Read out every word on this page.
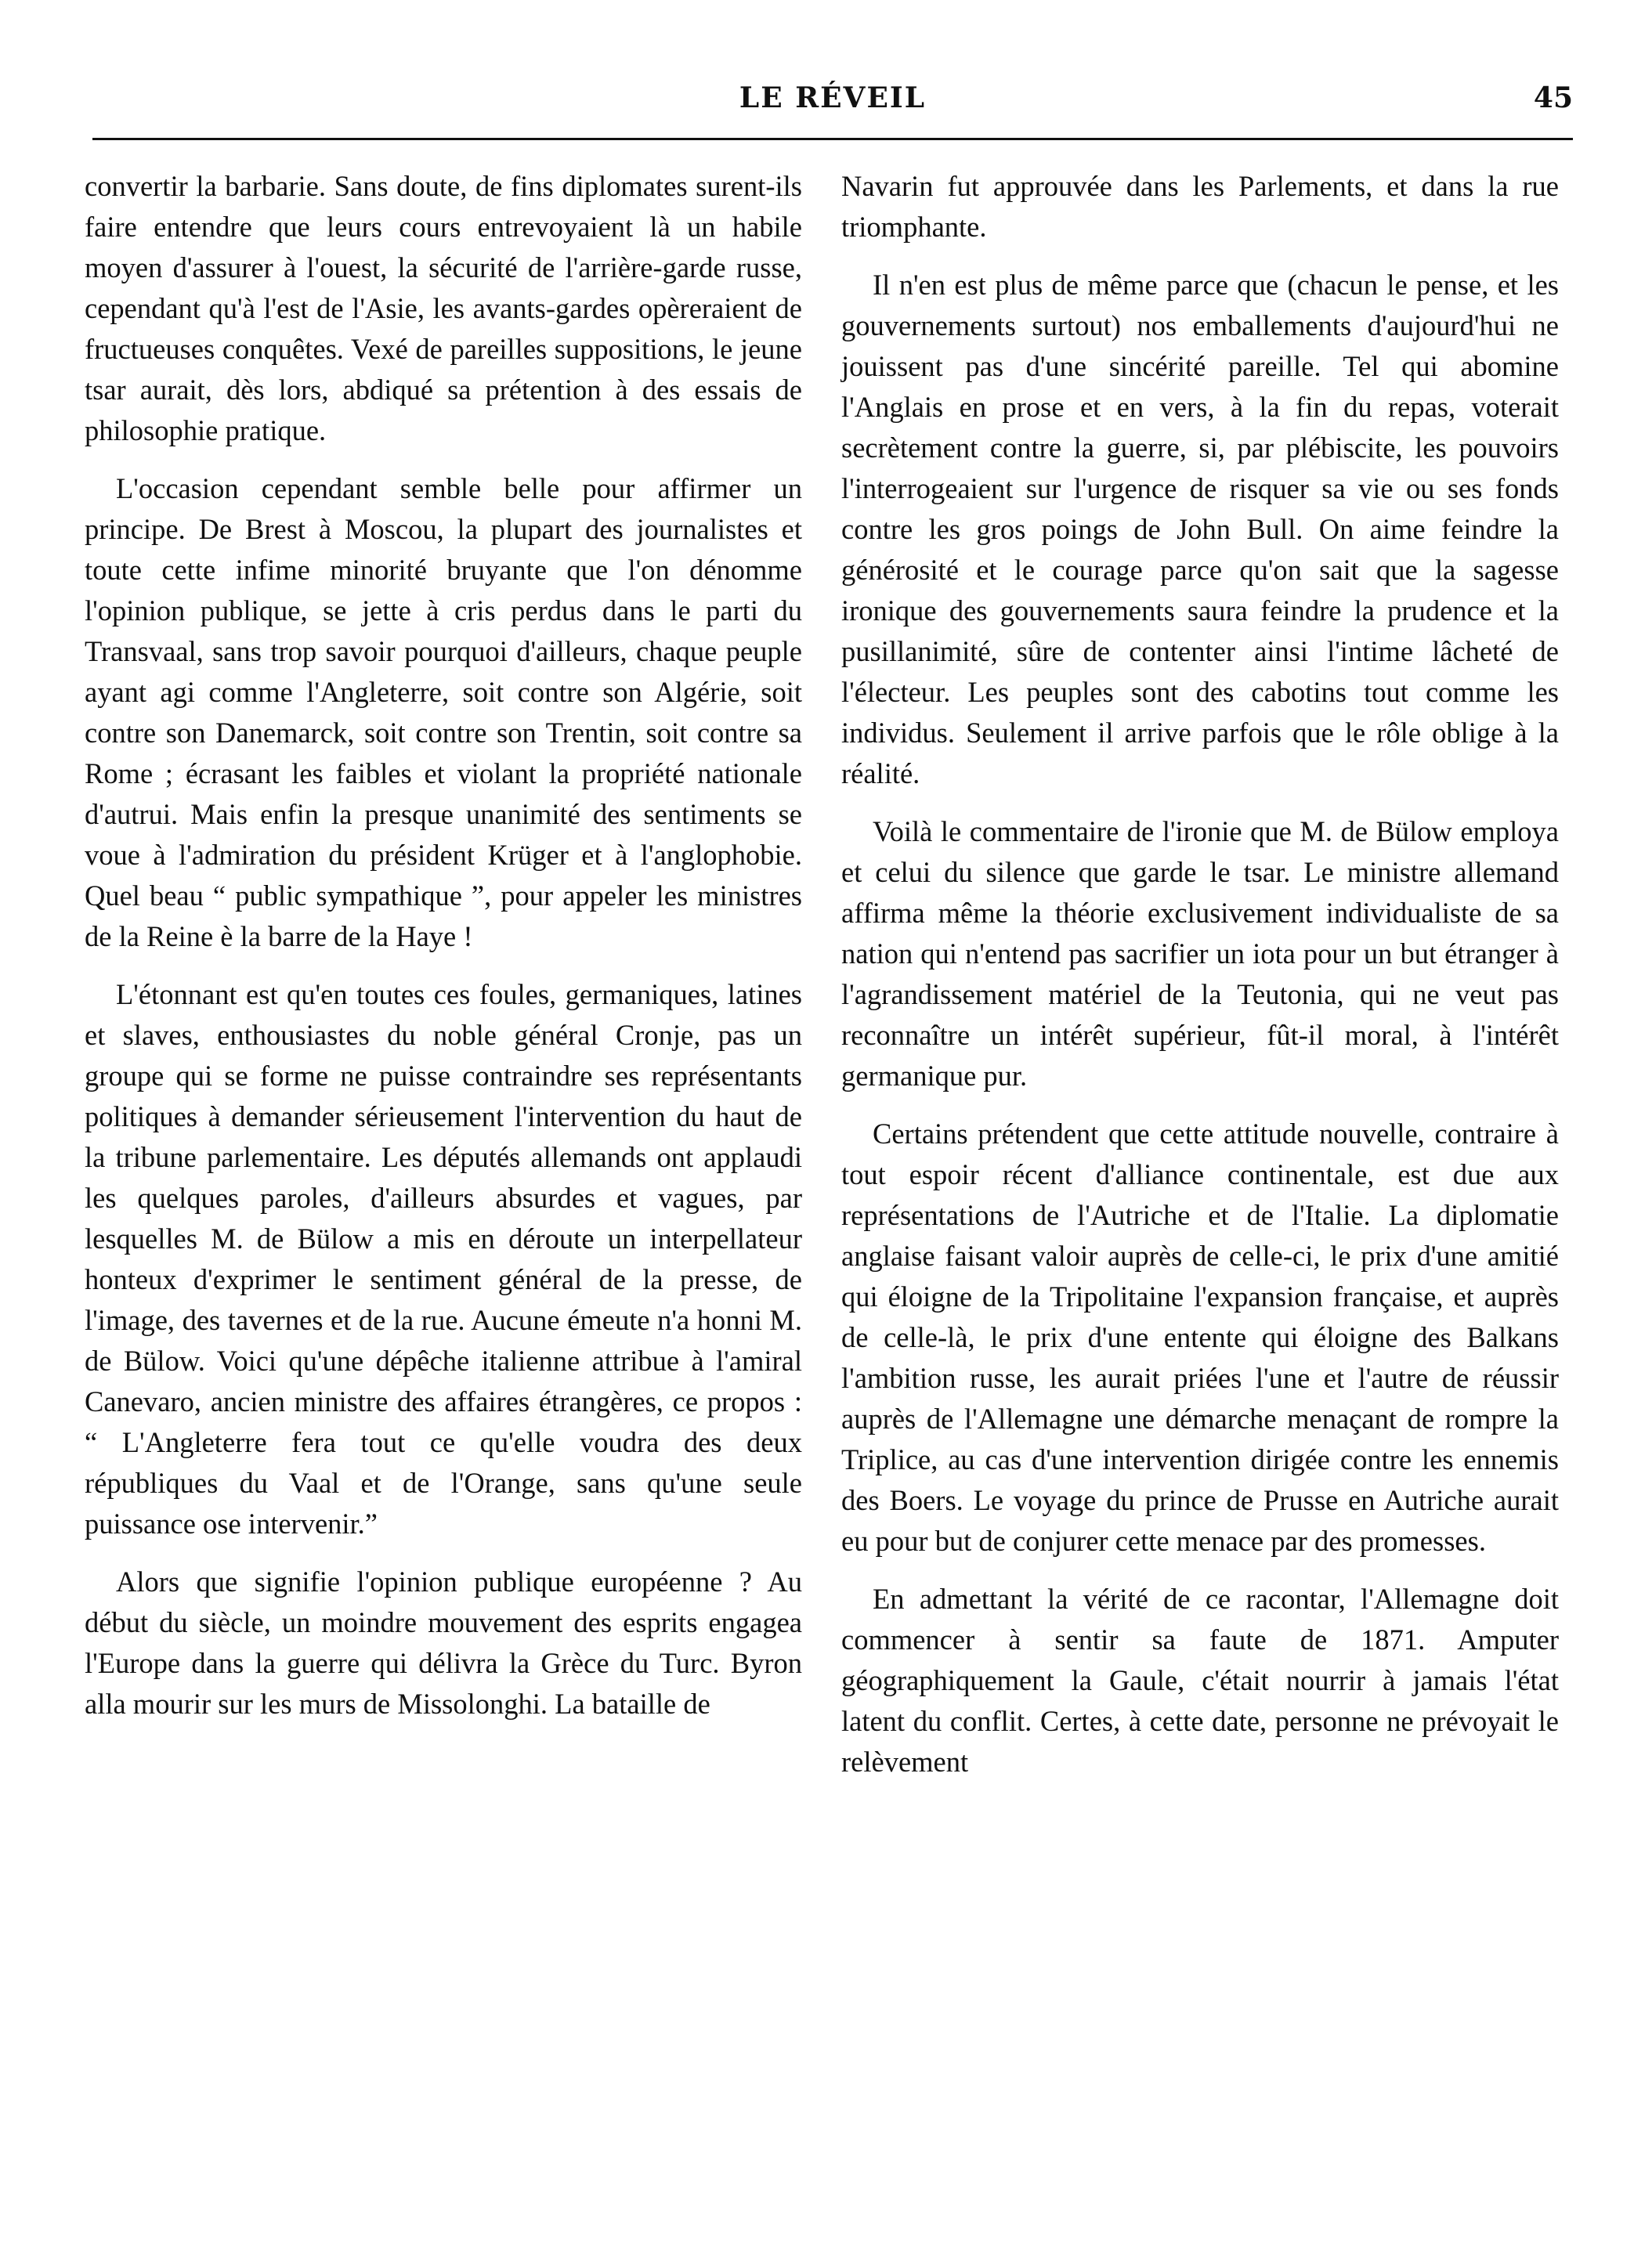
LE RÉVEIL	45

convertir la barbarie. Sans doute, de fins diplomates surent-ils faire entendre que leurs cours entrevoyaient là un habile moyen d'assurer à l'ouest, la sécurité de l'arrière-garde russe, cependant qu'à l'est de l'Asie, les avants-gardes opèreraient de fructueuses conquêtes. Vexé de pareilles suppositions, le jeune tsar aurait, dès lors, abdiqué sa prétention à des essais de philosophie pratique.

L'occasion cependant semble belle pour affirmer un principe. De Brest à Moscou, la plupart des journalistes et toute cette infime minorité bruyante que l'on dénomme l'opinion publique, se jette à cris perdus dans le parti du Transvaal, sans trop savoir pourquoi d'ailleurs, chaque peuple ayant agi comme l'Angleterre, soit contre son Algérie, soit contre son Danemarck, soit contre son Trentin, soit contre sa Rome ; écrasant les faibles et violant la propriété nationale d'autrui. Mais enfin la presque unanimité des sentiments se voue à l'admiration du président Krüger et à l'anglophobie. Quel beau “ public sympathique ”, pour appeler les ministres de la Reine è la barre de la Haye !

L'étonnant est qu'en toutes ces foules, germaniques, latines et slaves, enthousiastes du noble général Cronje, pas un groupe qui se forme ne puisse contraindre ses représentants politiques à demander sérieusement l'intervention du haut de la tribune parlementaire. Les députés allemands ont applaudi les quelques paroles, d'ailleurs absurdes et vagues, par lesquelles M. de Bülow a mis en déroute un interpellateur honteux d'exprimer le sentiment général de la presse, de l'image, des tavernes et de la rue. Aucune émeute n'a honni M. de Bülow. Voici qu'une dépêche italienne attribue à l'amiral Canevaro, ancien ministre des affaires étrangères, ce propos : “ L'Angleterre fera tout ce qu'elle voudra des deux républiques du Vaal et de l'Orange, sans qu'une seule puissance ose intervenir.”

Alors que signifie l'opinion publique européenne ? Au début du siècle, un moindre mouvement des esprits engagea l'Europe dans la guerre qui délivra la Grèce du Turc. Byron alla mourir sur les murs de Missolonghi. La bataille de

Navarin fut approuvée dans les Parlements, et dans la rue triomphante.

Il n'en est plus de même parce que (chacun le pense, et les gouvernements surtout) nos emballements d'aujourd'hui ne jouissent pas d'une sincérité pareille. Tel qui abomine l'Anglais en prose et en vers, à la fin du repas, voterait secrètement contre la guerre, si, par plébiscite, les pouvoirs l'interrogeaient sur l'urgence de risquer sa vie ou ses fonds contre les gros poings de John Bull. On aime feindre la générosité et le courage parce qu'on sait que la sagesse ironique des gouvernements saura feindre la prudence et la pusillanimité, sûre de contenter ainsi l'intime lâcheté de l'électeur. Les peuples sont des cabotins tout comme les individus. Seulement il arrive parfois que le rôle oblige à la réalité.

Voilà le commentaire de l'ironie que M. de Bülow employa et celui du silence que garde le tsar. Le ministre allemand affirma même la théorie exclusivement individualiste de sa nation qui n'entend pas sacrifier un iota pour un but étranger à l'agrandissement matériel de la Teutonia, qui ne veut pas reconnaître un intérêt supérieur, fût-il moral, à l'intérêt germanique pur.

Certains prétendent que cette attitude nouvelle, contraire à tout espoir récent d'alliance continentale, est due aux représentations de l'Autriche et de l'Italie. La diplomatie anglaise faisant valoir auprès de celle-ci, le prix d'une amitié qui éloigne de la Tripolitaine l'expansion française, et auprès de celle-là, le prix d'une entente qui éloigne des Balkans l'ambition russe, les aurait priées l'une et l'autre de réussir auprès de l'Allemagne une démarche menaçant de rompre la Triplice, au cas d'une intervention dirigée contre les ennemis des Boers. Le voyage du prince de Prusse en Autriche aurait eu pour but de conjurer cette menace par des promesses.

En admettant la vérité de ce racontar, l'Allemagne doit commencer à sentir sa faute de 1871. Amputer géographiquement la Gaule, c'était nourrir à jamais l'état latent du conflit. Certes, à cette date, personne ne prévoyait le relèvement
